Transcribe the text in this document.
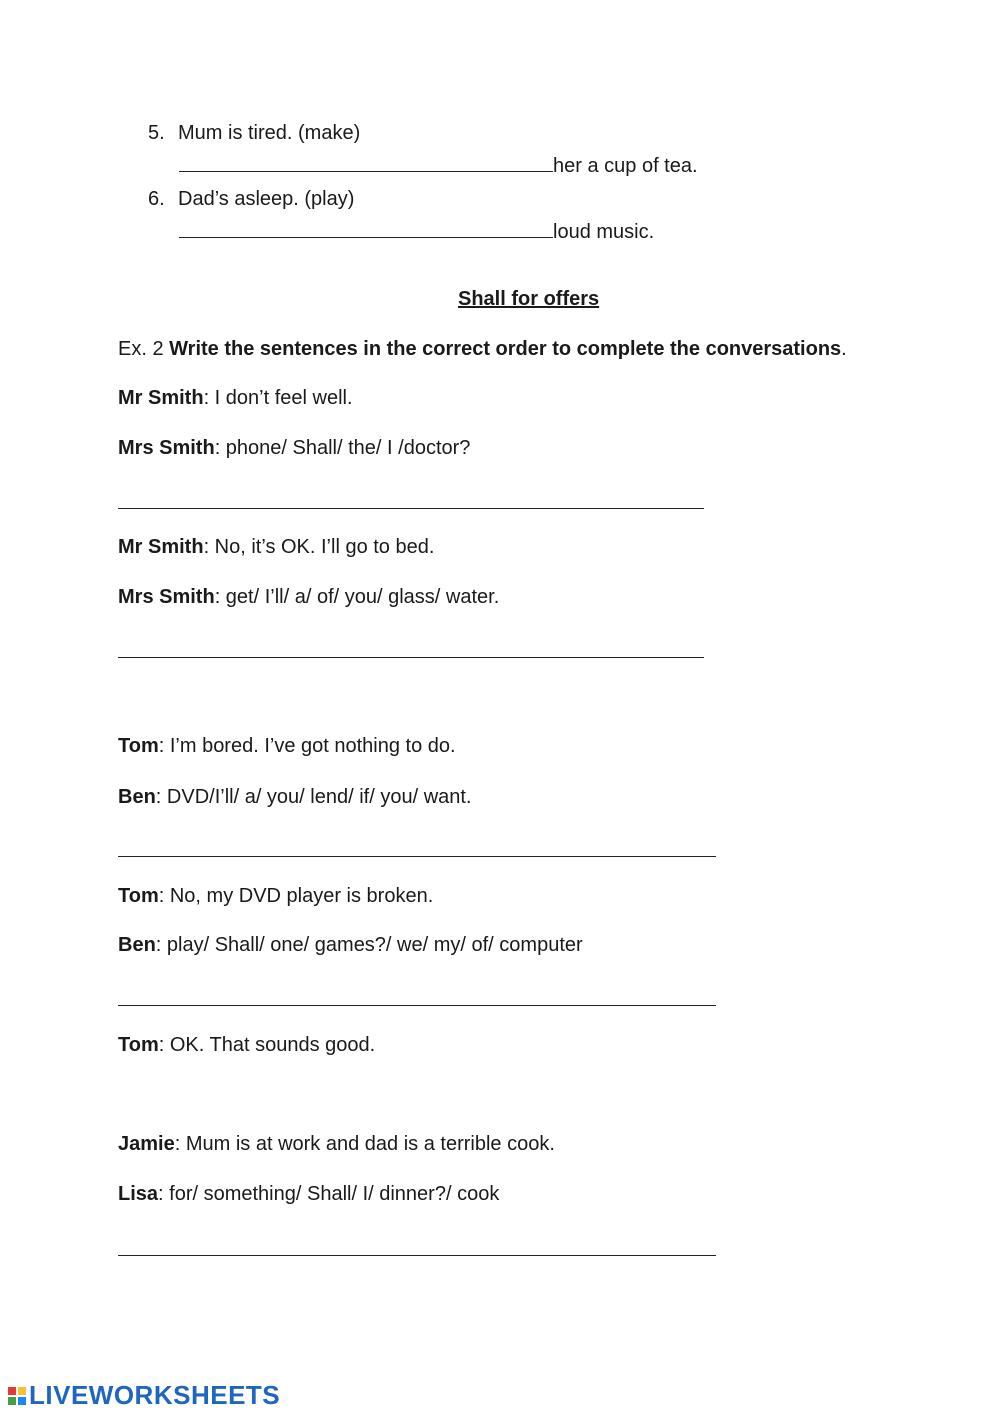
5. Mum is tired. (make)
her a cup of tea.
6. Dad’s asleep. (play)
loud music.
Shall for offers
Ex. 2 Write the sentences in the correct order to complete the conversations.
Mr Smith: I don’t feel well.
Mrs Smith: phone/ Shall/ the/ I /doctor?
Mr Smith: No, it’s OK. I’ll go to bed.
Mrs Smith: get/ I’ll/ a/ of/ you/ glass/ water.
Tom: I’m bored. I’ve got nothing to do.
Ben: DVD/I’ll/ a/ you/ lend/ if/ you/ want.
Tom: No, my DVD player is broken.
Ben: play/ Shall/ one/ games?/ we/ my/ of/ computer
Tom: OK. That sounds good.
Jamie: Mum is at work and dad is a terrible cook.
Lisa: for/ something/ Shall/ I/ dinner?/ cook
LIVEWORKSHEETS
